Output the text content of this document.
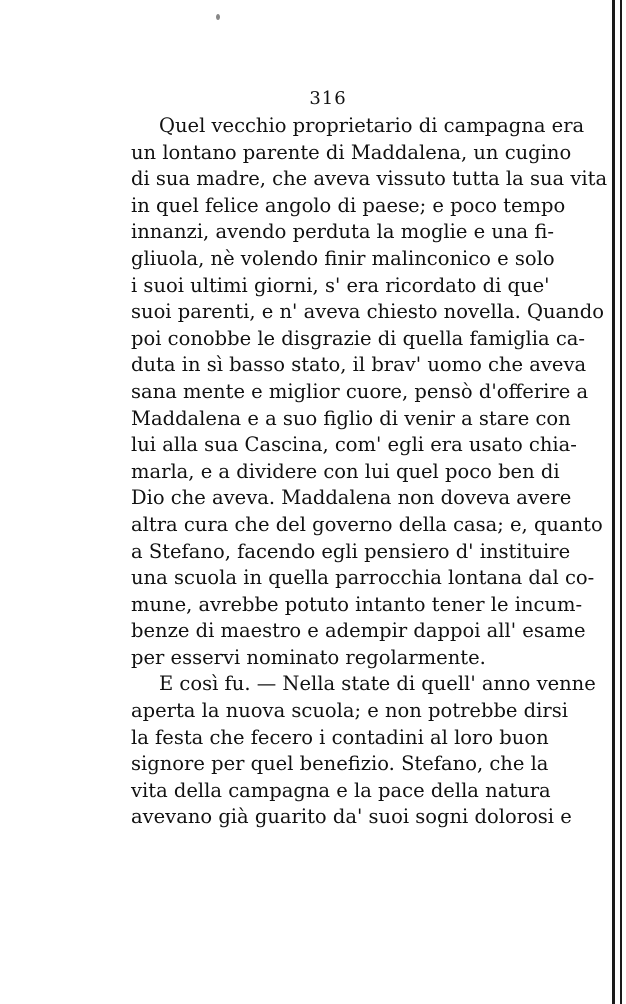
316
Quel vecchio proprietario di campagna era
un lontano parente di Maddalena, un cugino
di sua madre, che aveva vissuto tutta la sua vita
in quel felice angolo di paese; e poco tempo
innanzi, avendo perduta la moglie e una fi-
gliuola, nè volendo finir malinconico e solo
i suoi ultimi giorni, s' era ricordato di que'
suoi parenti, e n' aveva chiesto novella. Quando
poi conobbe le disgrazie di quella famiglia ca-
duta in sì basso stato, il brav' uomo che aveva
sana mente e miglior cuore, pensò d'offerire a
Maddalena e a suo figlio di venir a stare con
lui alla sua Cascina, com' egli era usato chia-
marla, e a dividere con lui quel poco ben di
Dio che aveva. Maddalena non doveva avere
altra cura che del governo della casa; e, quanto
a Stefano, facendo egli pensiero d' instituire
una scuola in quella parrocchia lontana dal co-
mune, avrebbe potuto intanto tener le incum-
benze di maestro e adempir dappoi all' esame
per esservi nominato regolarmente.
E così fu. — Nella state di quell' anno venne
aperta la nuova scuola; e non potrebbe dirsi
la festa che fecero i contadini al loro buon
signore per quel benefizio. Stefano, che la
vita della campagna e la pace della natura
avevano già guarito da' suoi sogni dolorosi e
